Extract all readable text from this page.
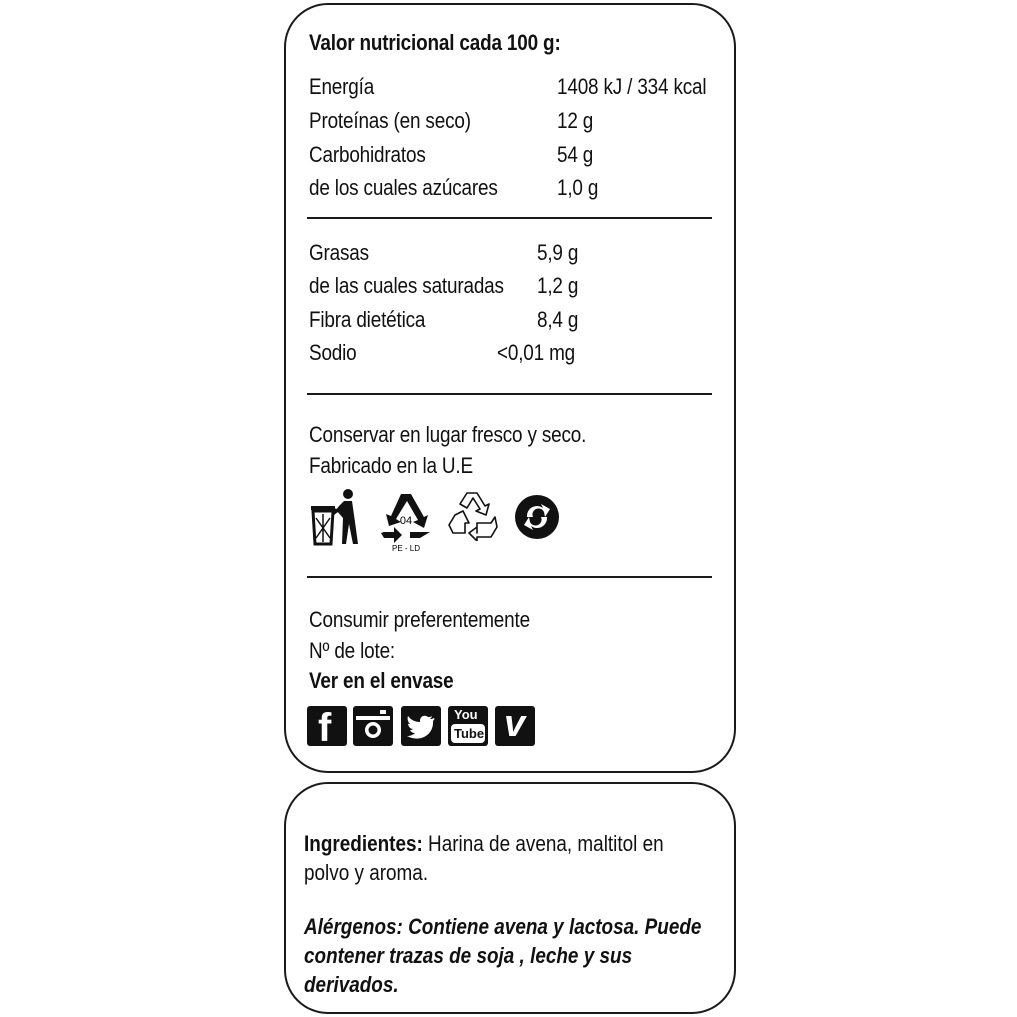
Valor nutricional cada 100 g:
Energía	1408 kJ / 334 kcal
Proteínas (en seco)	12 g
Carbohidratos	54 g
de los cuales azúcares	1,0 g
Grasas	5,9 g
de las cuales saturadas 1,2 g
Fibra dietética	8,4 g
Sodio	<0,01 mg
Conservar en lugar fresco y seco.
Fabricado en la U.E
04
PE - LD
Consumir preferentemente
Nº de lote:
Ver en el envase
f	You
Tube v
Ingredientes: Harina de avena, maltitol en
polvo y aroma.
Alérgenos: Contiene avena y lactosa. Puede
contener trazas de soja , leche y sus derivados.
